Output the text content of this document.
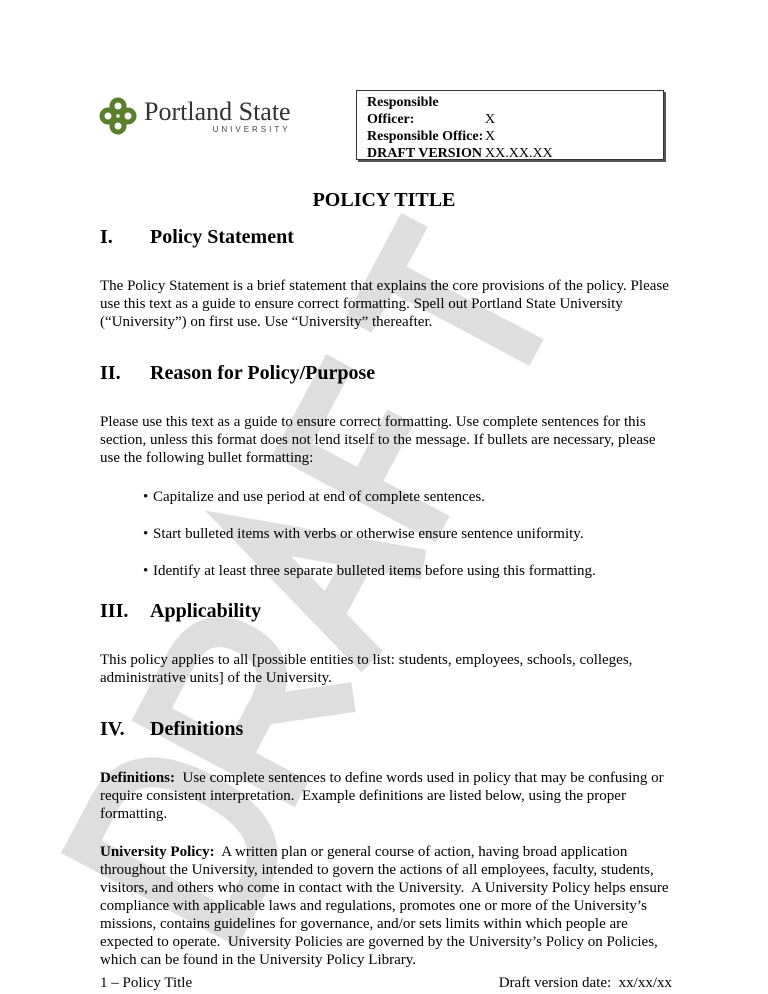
Portland State
UNIVERSITY
Responsible Officer:	X
Responsible Office: X
DRAFT VERSION XX.XX.XX
POLICY TITLE
I. Policy Statement
The Policy Statement is a brief statement that explains the core provisions of the policy. Please use this text as a guide to ensure correct formatting. Spell out Portland State University (“University”) on first use. Use “University” thereafter.
II. Reason for Policy/Purpose
Please use this text as a guide to ensure correct formatting. Use complete sentences for this section, unless this format does not lend itself to the message. If bullets are necessary, please use the following bullet formatting:
• Capitalize and use period at end of complete sentences.
• Start bulleted items with verbs or otherwise ensure sentence uniformity.
• Identify at least three separate bulleted items before using this formatting.
III. Applicability
This policy applies to all [possible entities to list: students, employees, schools, colleges, administrative units] of the University.
IV. Definitions
Definitions:  Use complete sentences to define words used in policy that may be confusing or require consistent interpretation.  Example definitions are listed below, using the proper formatting.
University Policy:  A written plan or general course of action, having broad application throughout the University, intended to govern the actions of all employees, faculty, students, visitors, and others who come in contact with the University.  A University Policy helps ensure compliance with applicable laws and regulations, promotes one or more of the University’s missions, contains guidelines for governance, and/or sets limits within which people are expected to operate.  University Policies are governed by the University’s Policy on Policies, which can be found in the University Policy Library.
1 – Policy Title	Draft version date:  xx/xx/xx
